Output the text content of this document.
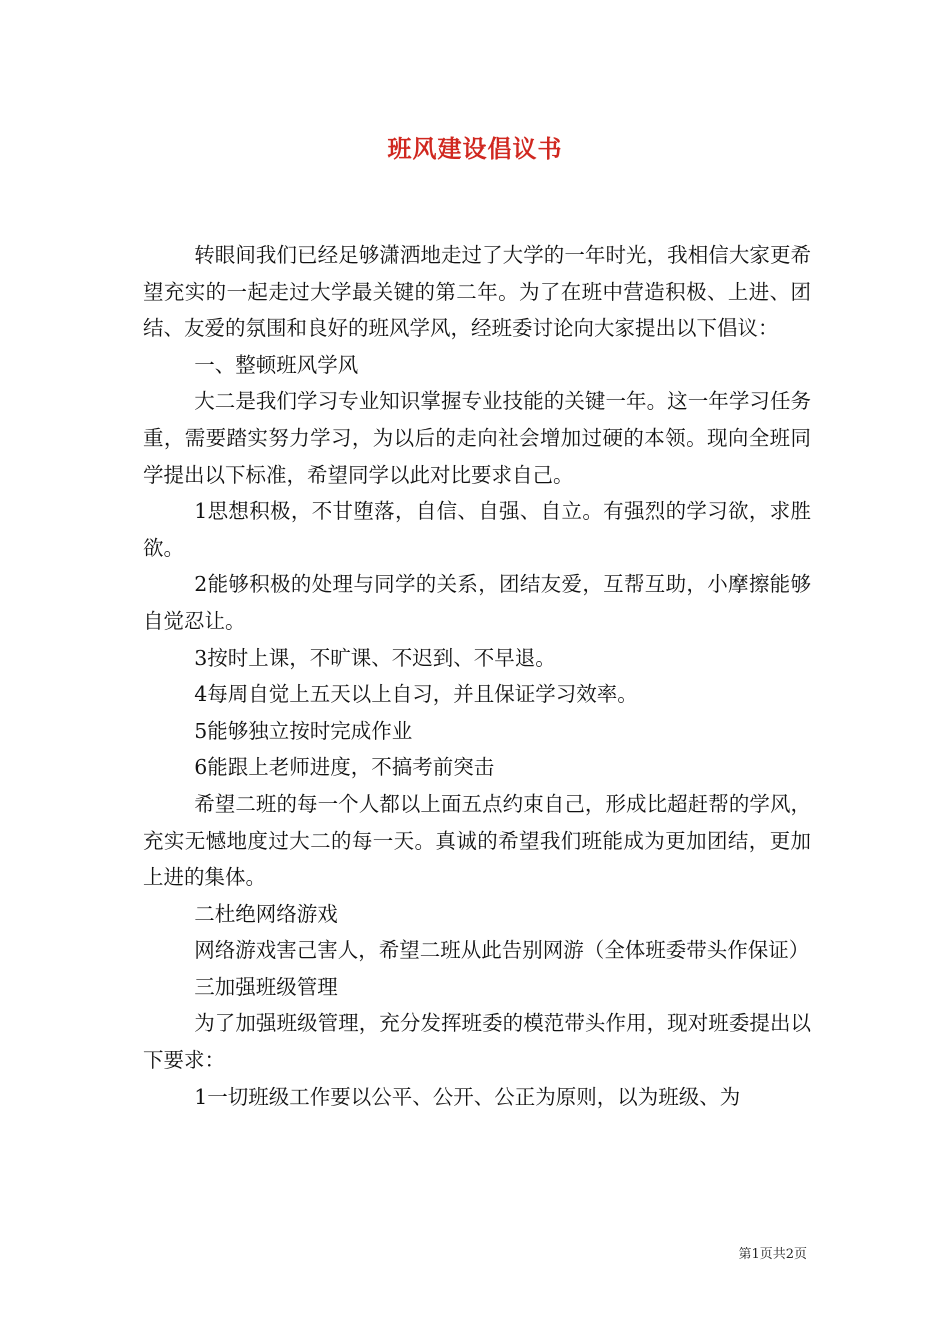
班风建设倡议书

转眼间我们已经足够潇洒地走过了大学的一年时光，我相信大家更希望充实的一起走过大学最关键的第二年。为了在班中营造积极、上进、团结、友爱的氛围和良好的班风学风，经班委讨论向大家提出以下倡议：

一、整顿班风学风

大二是我们学习专业知识掌握专业技能的关键一年。这一年学习任务重，需要踏实努力学习，为以后的走向社会增加过硬的本领。现向全班同学提出以下标准，希望同学以此对比要求自己。

1思想积极，不甘堕落，自信、自强、自立。有强烈的学习欲，求胜欲。

2能够积极的处理与同学的关系，团结友爱，互帮互助，小摩擦能够自觉忍让。

3按时上课，不旷课、不迟到、不早退。

4每周自觉上五天以上自习，并且保证学习效率。

5能够独立按时完成作业

6能跟上老师进度，不搞考前突击

希望二班的每一个人都以上面五点约束自己，形成比超赶帮的学风，充实无憾地度过大二的每一天。真诚的希望我们班能成为更加团结，更加上进的集体。

二杜绝网络游戏

网络游戏害己害人，希望二班从此告别网游（全体班委带头作保证）

三加强班级管理

为了加强班级管理，充分发挥班委的模范带头作用，现对班委提出以下要求：

1一切班级工作要以公平、公开、公正为原则，以为班级、为

第1页共2页
